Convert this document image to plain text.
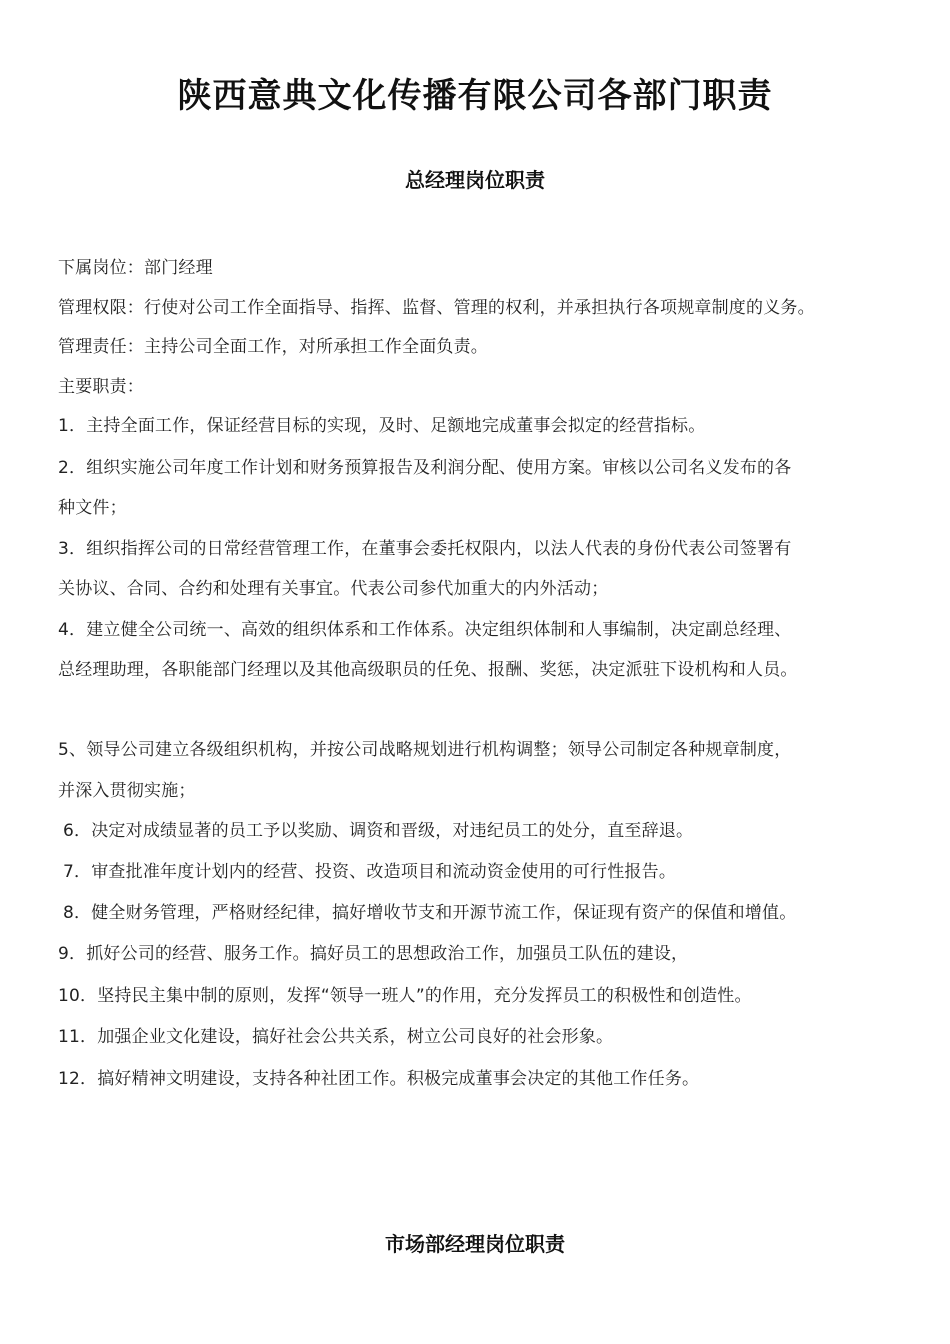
陕西意典文化传播有限公司各部门职责
总经理岗位职责
下属岗位：部门经理
管理权限：行使对公司工作全面指导、指挥、监督、管理的权利，并承担执行各项规章制度的义务。
管理责任：主持公司全面工作，对所承担工作全面负责。
主要职责：
1．主持全面工作，保证经营目标的实现，及时、足额地完成董事会拟定的经营指标。
2．组织实施公司年度工作计划和财务预算报告及利润分配、使用方案。审核以公司名义发布的各
种文件；
3．组织指挥公司的日常经营管理工作，在董事会委托权限内，以法人代表的身份代表公司签署有
关协议、合同、合约和处理有关事宜。代表公司参代加重大的内外活动；
4．建立健全公司统一、高效的组织体系和工作体系。决定组织体制和人事编制，决定副总经理、
总经理助理，各职能部门经理以及其他高级职员的任免、报酬、奖惩，决定派驻下设机构和人员。
5、领导公司建立各级组织机构，并按公司战略规划进行机构调整；领导公司制定各种规章制度，
并深入贯彻实施；
6．决定对成绩显著的员工予以奖励、调资和晋级，对违纪员工的处分，直至辞退。
7．审查批准年度计划内的经营、投资、改造项目和流动资金使用的可行性报告。
8．健全财务管理，严格财经纪律，搞好增收节支和开源节流工作，保证现有资产的保值和增值。
9．抓好公司的经营、服务工作。搞好员工的思想政治工作，加强员工队伍的建设，
10．坚持民主集中制的原则，发挥“领导一班人”的作用，充分发挥员工的积极性和创造性。
11．加强企业文化建设，搞好社会公共关系，树立公司良好的社会形象。
12．搞好精神文明建设，支持各种社团工作。积极完成董事会决定的其他工作任务。
市场部经理岗位职责
